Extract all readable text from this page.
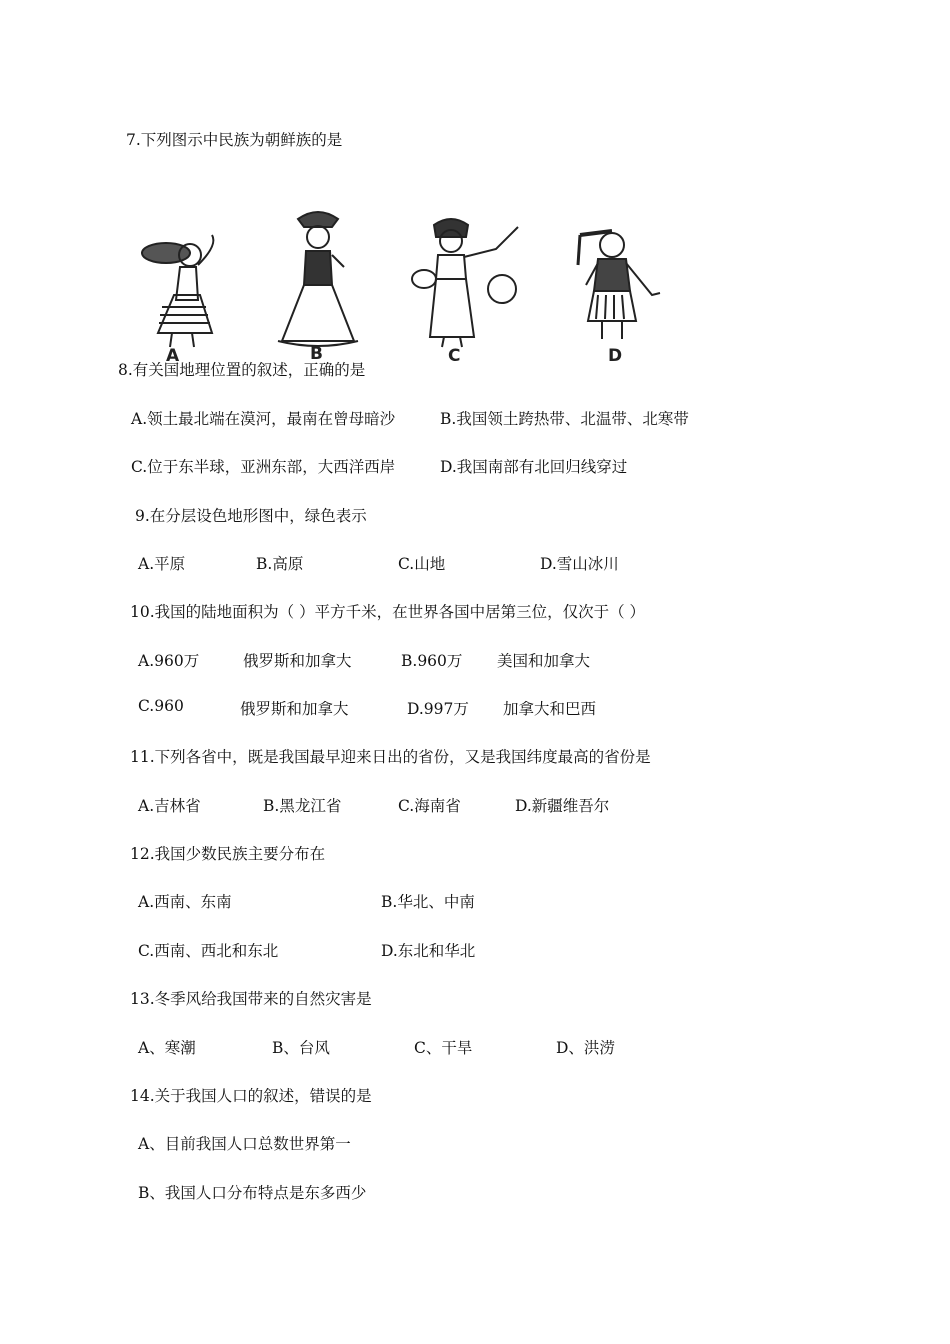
7.下列图示中民族为朝鲜族的是
A	B	C	D
8.有关国地理位置的叙述，正确的是
A.领土最北端在漠河，最南在曾母暗沙	B.我国领土跨热带、北温带、北寒带
C.位于东半球，亚洲东部，大西洋西岸	D.我国南部有北回归线穿过
9.在分层设色地形图中，绿色表示
A.平原	B.高原	C.山地	D.雪山冰川
10.我国的陆地面积为（ ）平方千米，在世界各国中居第三位，仅次于（ ）
A.960万	俄罗斯和加拿大	B.960万 美国和加拿大
C.960	俄罗斯和加拿大	D.997万 加拿大和巴西
11.下列各省中，既是我国最早迎来日出的省份，又是我国纬度最高的省份是
A.吉林省	B.黑龙江省	C.海南省	D.新疆维吾尔
12.我国少数民族主要分布在
A.西南、东南	B.华北、中南
C.西南、西北和东北	D.东北和华北
13.冬季风给我国带来的自然灾害是
A、寒潮	B、台风	C、干旱	D、洪涝
14.关于我国人口的叙述，错误的是
A、目前我国人口总数世界第一
B、我国人口分布特点是东多西少
